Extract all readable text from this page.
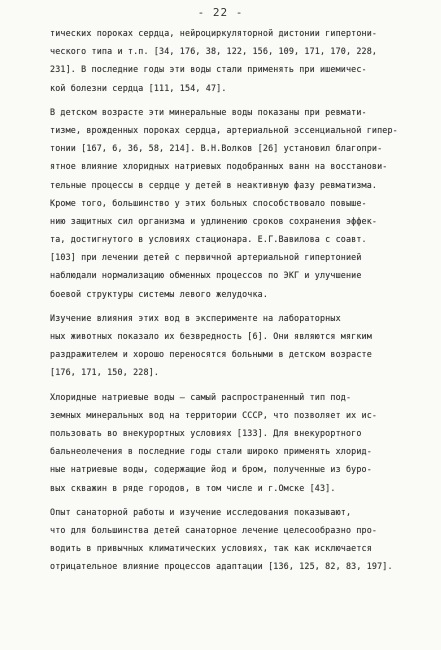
- 22 -
тических пороках сердца, нейроциркуляторной дистонии гипертони-
ческого типа и т.п. [34, 176, 38, 122, 156, 109, 171, 170, 228,
231]. В последние годы эти воды стали применять при ишемичес-
кой болезни сердца [111, 154, 47].
В детском возрасте эти минеральные воды показаны при ревмати-
тизме, врожденных пороках сердца, артериальной эссенциальной гипер-
тонии [167, 6, 36, 58, 214]. В.Н.Волков [26] установил благопри-
ятное влияние хлоридных натриевых подобранных ванн на восстанови-
тельные процессы в сердце у детей в неактивную фазу ревматизма.
Кроме того, большинство у этих больных способствовало повыше-
нию защитных сил организма и удлинению сроков сохранения эффек-
та, достигнутого в условиях стационара. Е.Г.Вавилова с соавт.
[103] при лечении детей с первичной артериальной гипертонией
наблюдали нормализацию обменных процессов по ЭКГ и улучшение
боевой структуры системы левого желудочка.
Изучение влияния этих вод в эксперименте на лабораторных
ных животных показало их безвредность [6]. Они являются мягким
раздражителем и хорошо переносятся больными в детском возрасте
[176, 171, 150, 228].
Хлоридные натриевые воды – самый распространенный тип под-
земных минеральных вод на территории СССР, что позволяет их ис-
пользовать во внекурортных условиях [133]. Для внекурортного
бальнеолечения в последние годы стали широко применять хлорид-
ные натриевые воды, содержащие йод и бром, полученные из буро-
вых скважин в ряде городов, в том числе и г.Омске [43].
Опыт санаторной работы и изучение исследования показывают,
что для большинства детей санаторное лечение целесообразно про-
водить в привычных климатических условиях, так как исключается
отрицательное влияние процессов адаптации [136, 125, 82, 83, 197].
